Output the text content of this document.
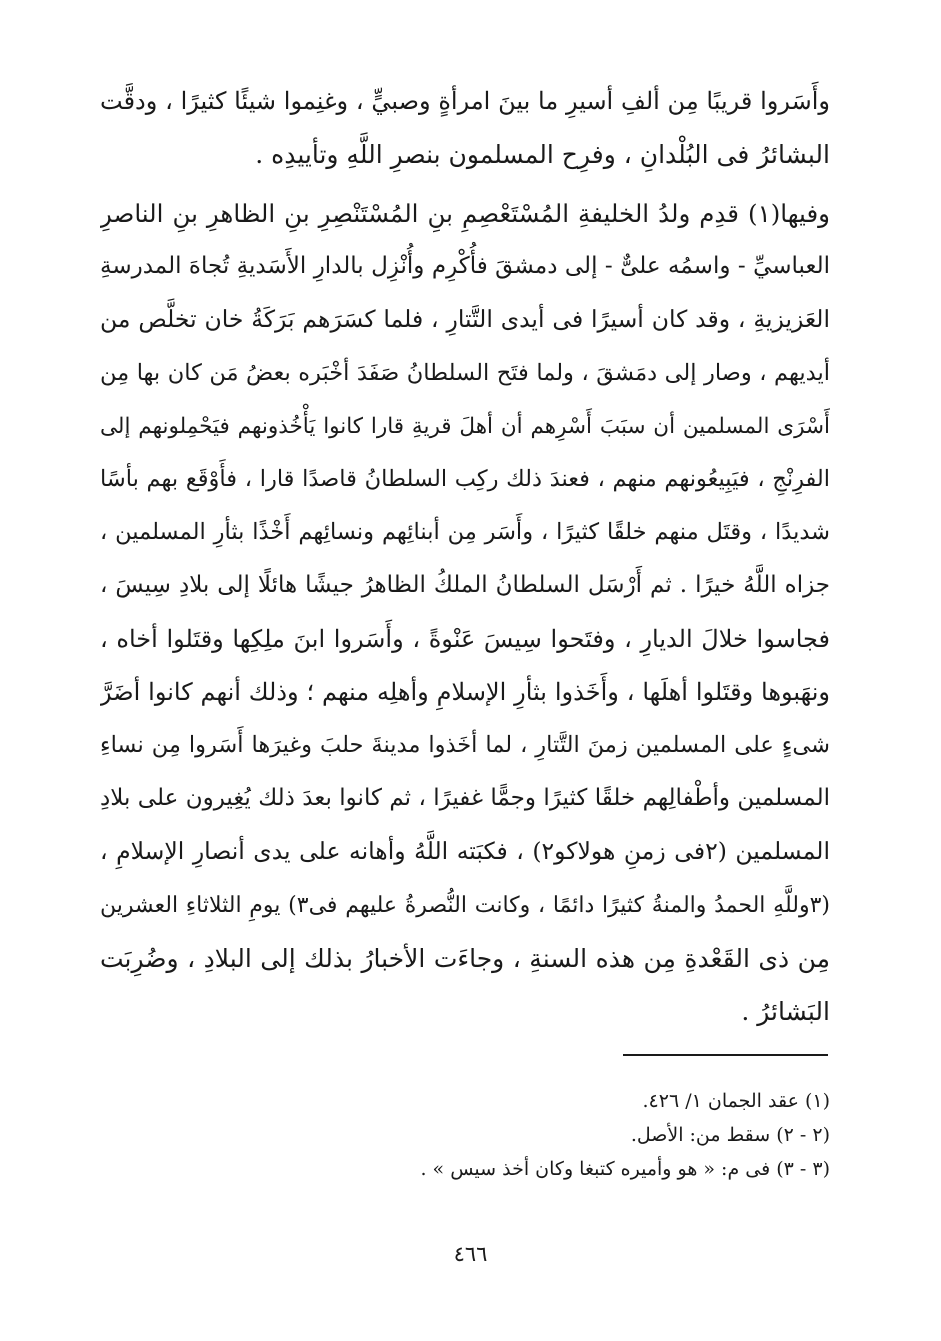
وأَسَروا قريبًا مِن ألفِ أسيرِ ما بينَ امرأةٍ وصبيٍّ ، وغنِموا شيئًا كثيرًا ، ودقَّت
البشائرُ فى البُلْدانِ ، وفرِح المسلمون بنصرِ اللَّهِ وتأييدِه .
وفيها(١) قدِم ولدُ الخليفةِ المُسْتَعْصِمِ بنِ المُسْتَنْصِرِ بنِ الظاهرِ بنِ الناصرِ
العباسيِّ - واسمُه علىٌّ - إلى دمشقَ فأُكْرِم وأُنْزِل بالدارِ الأَسَديةِ تُجاهَ المدرسةِ
العَزيزيةِ ، وقد كان أسيرًا فى أيدى التَّتارِ ، فلما كسَرَهم بَرَكَةُ خان تخلَّص من
أيديهم ، وصار إلى دمَشقَ ، ولما فتَح السلطانُ صَفَدَ أخْبَره بعضُ مَن كان بها مِن
أَسْرَى المسلمين أن سبَبَ أَسْرِهم أن أهلَ قريةِ قارا كانوا يَأْخُذونهم فيَحْمِلونهم إلى
الفرِنْجِ ، فيَبِيعُونهم منهم ، فعندَ ذلك ركِب السلطانُ قاصدًا قارا ، فأَوْقَع بهم بأسًا
شديدًا ، وقتَل منهم خلقًا كثيرًا ، وأَسَر مِن أبنائِهم ونسائِهم أَخْذًا بثأرِ المسلمين ،
جزاه اللَّهُ خيرًا . ثم أَرْسَل السلطانُ الملكُ الظاهرُ جيشًا هائلًا إلى بلادِ سِيسَ ،
فجاسوا خلالَ الديارِ ، وفتَحوا سِيسَ عَنْوةً ، وأَسَروا ابنَ ملِكِها وقتَلوا أخاه ،
ونهَبوها وقتَلوا أهلَها ، وأَخَذوا بثأرِ الإسلامِ وأهلِه منهم ؛ وذلك أنهم كانوا أضَرَّ
شىءٍ على المسلمين زمنَ التَّتارِ ، لما أخَذوا مدينةَ حلبَ وغيرَها أَسَروا مِن نساءِ
المسلمين وأطْفالِهم خلقًا كثيرًا وجمًّا غفيرًا ، ثم كانوا بعدَ ذلك يُغِيرون على بلادِ
المسلمين (٢فى زمنِ هولاكو٢) ، فكبَته اللَّهُ وأهانه على يدى أنصارِ الإسلامِ ،
(٣وللَّهِ الحمدُ والمنةُ كثيرًا دائمًا ، وكانت النُّصرةُ عليهم فى٣) يومِ الثلاثاءِ العشرين
مِن ذى القَعْدةِ مِن هذه السنةِ ، وجاءَت الأخبارُ بذلك إلى البلادِ ، وضُرِبَت
البَشائرُ .
(١) عقد الجمان ١/ ٤٢٦.
(٢ - ٢) سقط من: الأصل.
(٣ - ٣) فى م: « هو وأميره كتبغا وكان أخذ سيس » .
٤٦٦
